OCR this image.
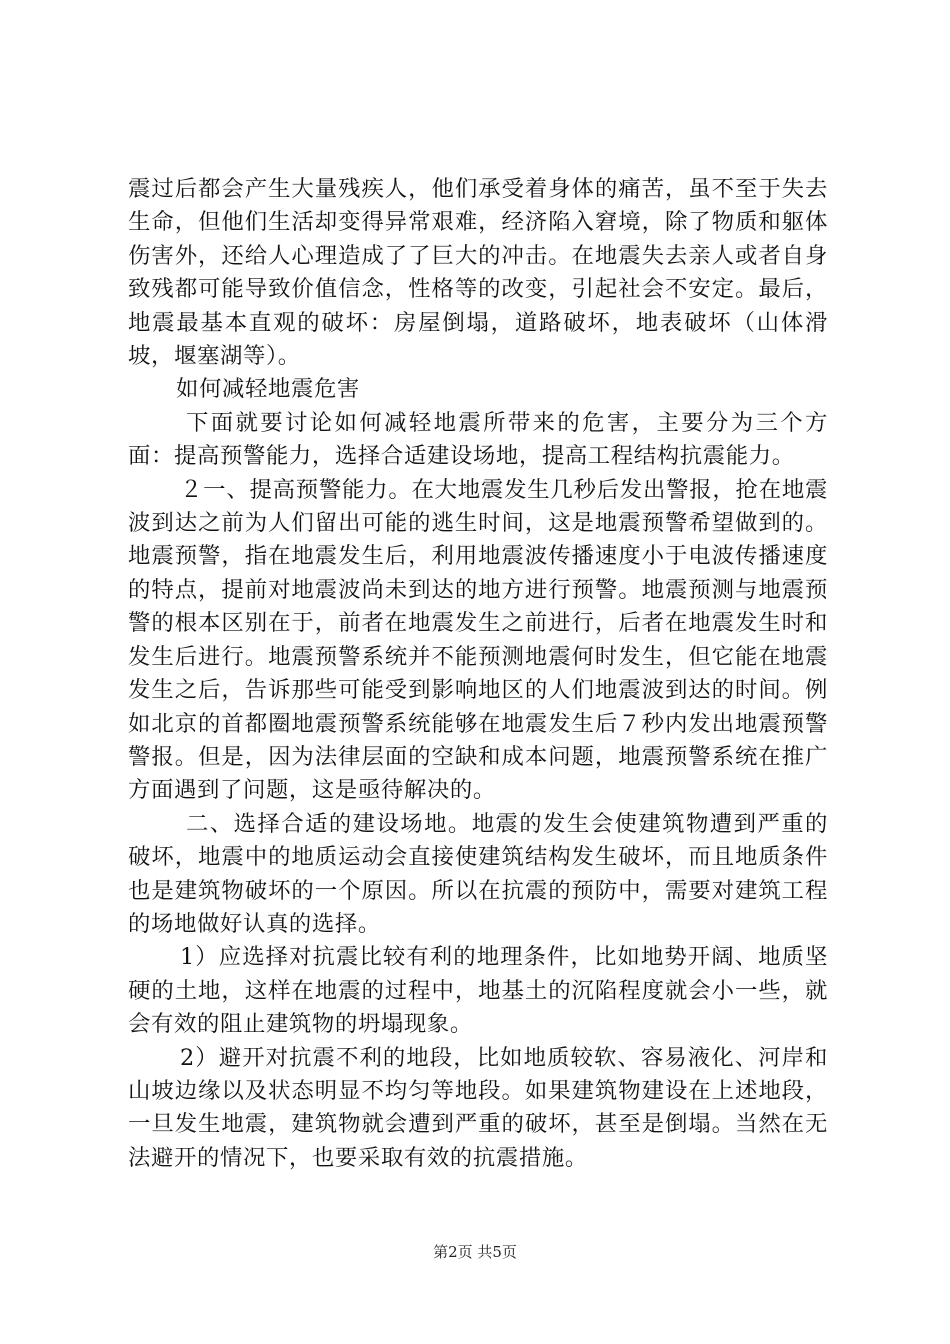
震过后都会产生大量残疾人，他们承受着身体的痛苦，虽不至于失去生命，但他们生活却变得异常艰难，经济陷入窘境，除了物质和躯体伤害外，还给人心理造成了了巨大的冲击。在地震失去亲人或者自身致残都可能导致价值信念，性格等的改变，引起社会不安定。最后，地震最基本直观的破坏：房屋倒塌，道路破坏，地表破坏（山体滑坡，堰塞湖等）。

如何减轻地震危害

下面就要讨论如何减轻地震所带来的危害，主要分为三个方面：提高预警能力，选择合适建设场地，提高工程结构抗震能力。

２一、提高预警能力。在大地震发生几秒后发出警报，抢在地震波到达之前为人们留出可能的逃生时间，这是地震预警希望做到的。地震预警，指在地震发生后，利用地震波传播速度小于电波传播速度的特点，提前对地震波尚未到达的地方进行预警。地震预测与地震预警的根本区别在于，前者在地震发生之前进行，后者在地震发生时和发生后进行。地震预警系统并不能预测地震何时发生，但它能在地震发生之后，告诉那些可能受到影响地区的人们地震波到达的时间。例如北京的首都圈地震预警系统能够在地震发生后７秒内发出地震预警警报。但是，因为法律层面的空缺和成本问题，地震预警系统在推广方面遇到了问题，这是亟待解决的。

二、选择合适的建设场地。地震的发生会使建筑物遭到严重的破坏，地震中的地质运动会直接使建筑结构发生破坏，而且地质条件也是建筑物破坏的一个原因。所以在抗震的预防中，需要对建筑工程的场地做好认真的选择。

1）应选择对抗震比较有利的地理条件，比如地势开阔、地质坚硬的土地，这样在地震的过程中，地基土的沉陷程度就会小一些，就会有效的阻止建筑物的坍塌现象。

2）避开对抗震不利的地段，比如地质较软、容易液化、河岸和山坡边缘以及状态明显不均匀等地段。如果建筑物建设在上述地段，一旦发生地震，建筑物就会遭到严重的破坏，甚至是倒塌。当然在无法避开的情况下，也要采取有效的抗震措施。

第2页 共5页
